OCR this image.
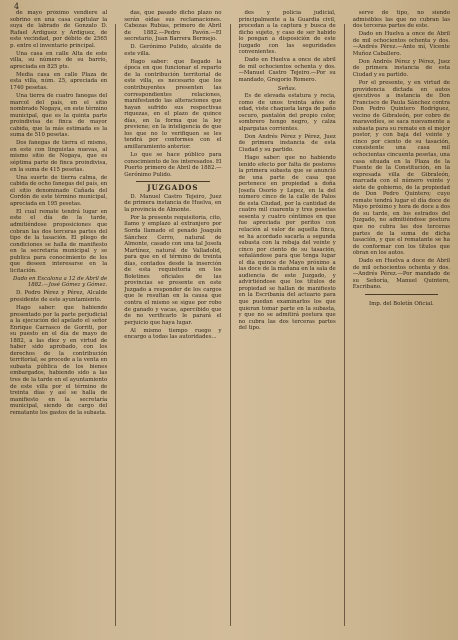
4

de mayo próximo vendiere al sobrino en una casa capitular la suya de labrado de Gonzalo D. Rafael Ardiguez y Ardiguez, de este vecindad, por débito de 2565 p. entre el inventario principal.

Una casa en calle Alta de este villa, su número de su barrio, apreciada en 825 pts.

Media casa en calle Plaza de esta villa, núm. 25, apreciada en 1740 pesetas.

Una tierra de cuatro fanegas del marcol del país, en el sitio nombrado Nogaya, en este término municipal, que es la quinta parte proindivisa de finca de mayor cabida, que la más estimada es la suma de 510 pesetas.

Dos fanegas de tierra el mismo, en este con linguistas nuevas, al mismo sitio de Nogaya, que es séptima parte de finca proindivisa, en la suma de 415 pesetas.

Una suerte de tierra calma, de cabida de ocho fanegas del país, en el sitio denominado Cañada del Cordón de este término municipal, apreciada en 195 pesetas.

El cual remate tendrá lugar en este el día de la tarde, admitiéndose proposiciones que cobran las dos terceras partes del tipo de la tasación. El pliego de condiciones se halla de manifiesto en la secretaría municipal y se publica para conocimiento de los que deseen interesarse en la licitación.

Dado en Escalona a 12 de Abril de 1882.—José Gómez y Gómez.

D. Pedro Pérez y Pérez, Alcalde presidente de este ayuntamiento.

Hago saber: que habiendo presentado por la parte perjudicial a la ejecución del apelado el señor Enrique Carrasco de Gorriti, por su puesto en el día de mayo de 1882, a las diez y en virtud de haber sido aprobado, con los derechos de la contribución territorial, se procede a la venta en subasta pública de los bienes embargados, habiendo sido a las tres de la tarde en el ayuntamiento de este villa por el término de treinta días y así se halla de manifiesto en la secretaría municipal, siendo de cargo del rematante los gastos de la subasta.

das, que pasado dicho plazo no serán oídas sus reclamaciones. Cabezas Rubias, primero de Abril de 1882.—Pedro Pavón.—El secretario, Juan Barrera Bermejo.

D. Gerónimo Pulido, alcalde de este villa.

Hago saber: que llegado la época en que funcionar el reparto de la contribución territorial de este villa, es necesario que los contribuyentes presenten las correspondientes relaciones, manifestando las alteraciones que hayan sufrido sus respectivas riquezas, en el plazo de quince días, en la forma que la ley previene; en la inteligencia de que los que no lo verifiquen se les tendrá por conformes con el amillaramiento anterior.

Lo que se hace público para conocimiento de los interesados. El Puerto primero de Abril de 1882.—Gerónimo Pulido.

JUZGADOS

D. Manuel Castro Tejeiro, Juez de primera instancia de Huelva, en la provincia de Almonte.

Por la presente requisitoria, cito, llamo y emplazo al extranjero por Sorda llamado el penado Joaquín Sánchez Cerro, natural de Almonte, casado con una tal Josefa Martínez, natural de Valladolid, para que en el término de treinta días, contados desde la inserción de esta requisitoria en los Boletines oficiales de las provincias se presente en este Juzgado a responder de los cargos que le resultan en la causa que contra el mismo se sigue por robo de ganado y vacas, apercibido que de no verificarlo le parará el perjuicio que haya lugar.

Al mismo tiempo ruego y encargo a todas las autoridades...

des y policía judicial, principalmente a la Guardia civil, procedan a la captura y busca de dicho sujeto, y caso de ser habido lo pongan a disposición de este Juzgado con las seguridades convenientes.

Dado en Huelva a once de abril de mil ochocientos ochenta y dos.—Manuel Castro Tejeiro.—Por su mandado, Gregorio Romero.

Señas.

Es de elevada estatura y recia, como de unos treinta años de edad, viste chaqueta larga de paño oscuro, pantalón del propio color, sombrero hongo negro, y calza alpargatas corrientes.

Don Andrés Pérez y Pérez, Juez de primera instancia de esta Ciudad y su partido.

Hago saber: que no habiendo tenido efecto por falta de postores la primera subasta que se anunció de una parte de casa que pertenece en propiedad a doña Josefa Osorio y Lepez, en la del número cinco de la calle de Palos de esta Ciudad, por la cantidad de cuatro mil cuarenta y tres pesetas sesenta y cuatro céntimos en que fue apreciada por peritos con relación al valor de aquella finca, se ha acordado sacarla a segunda subasta con la rebaja del veinte y cinco por ciento de su tasación, señalándose para que tenga lugar el día quince de Mayo próximo a las doce de la mañana en la sala de audiencia de este Juzgado, y advirtiéndose que los títulos de propiedad se hallan de manifiesto en la Escribanía del actuario para que puedan examinarlos los que quieran tomar parte en la subasta, y que no se admitirá postura que no cubra las dos terceras partes del tipo.

serve de tipo, no siendo admisibles las que no cubran las dos terceras partes de este.

Dado en Huelva a once de Abril de mil ochocientos ochenta y dos.—Andrés Pérez.—Ante mí, Vicente Muñoz Caballero.

Don Andrés Pérez y Pérez, Juez de primera instancia de esta Ciudad y su partido.

Por el presente, y en virtud de providencia dictada en autos ejecutivos a instancia de Don Francisco de Paula Sánchez contra Don Pedro Quintero Rodríguez, vecino de Gibraleón, por cobro de maravedíes, se saca nuevamente a subasta para su remate en el mejor postor, y con baja del veinte y cinco por ciento de su tasación, consistente una casa mil ochocientas cincuenta pesetas, una casa situada en la Plaza de la Fuente de la Constitución, en la expresada villa de Gibraleón, marcada con el número veinte y siete de gobierno, de la propiedad de Don Pedro Quintero; cuyo remate tendrá lugar el día doce de Mayo próximo y hora de doce a dos de su tarde, en los estrados del Juzgado, no admitiéndose postura que no cubra las dos terceras partes de la suma de dicha tasación, y que el rematante se ha de conformar con los títulos que obran en los autos.

Dado en Huelva a doce de Abril de mil ochocientos ochenta y dos.—Andrés Pérez.—Por mandado de su Señoría, Manuel Quintero, Escribano.

Imp. del Boletín Oficial.
